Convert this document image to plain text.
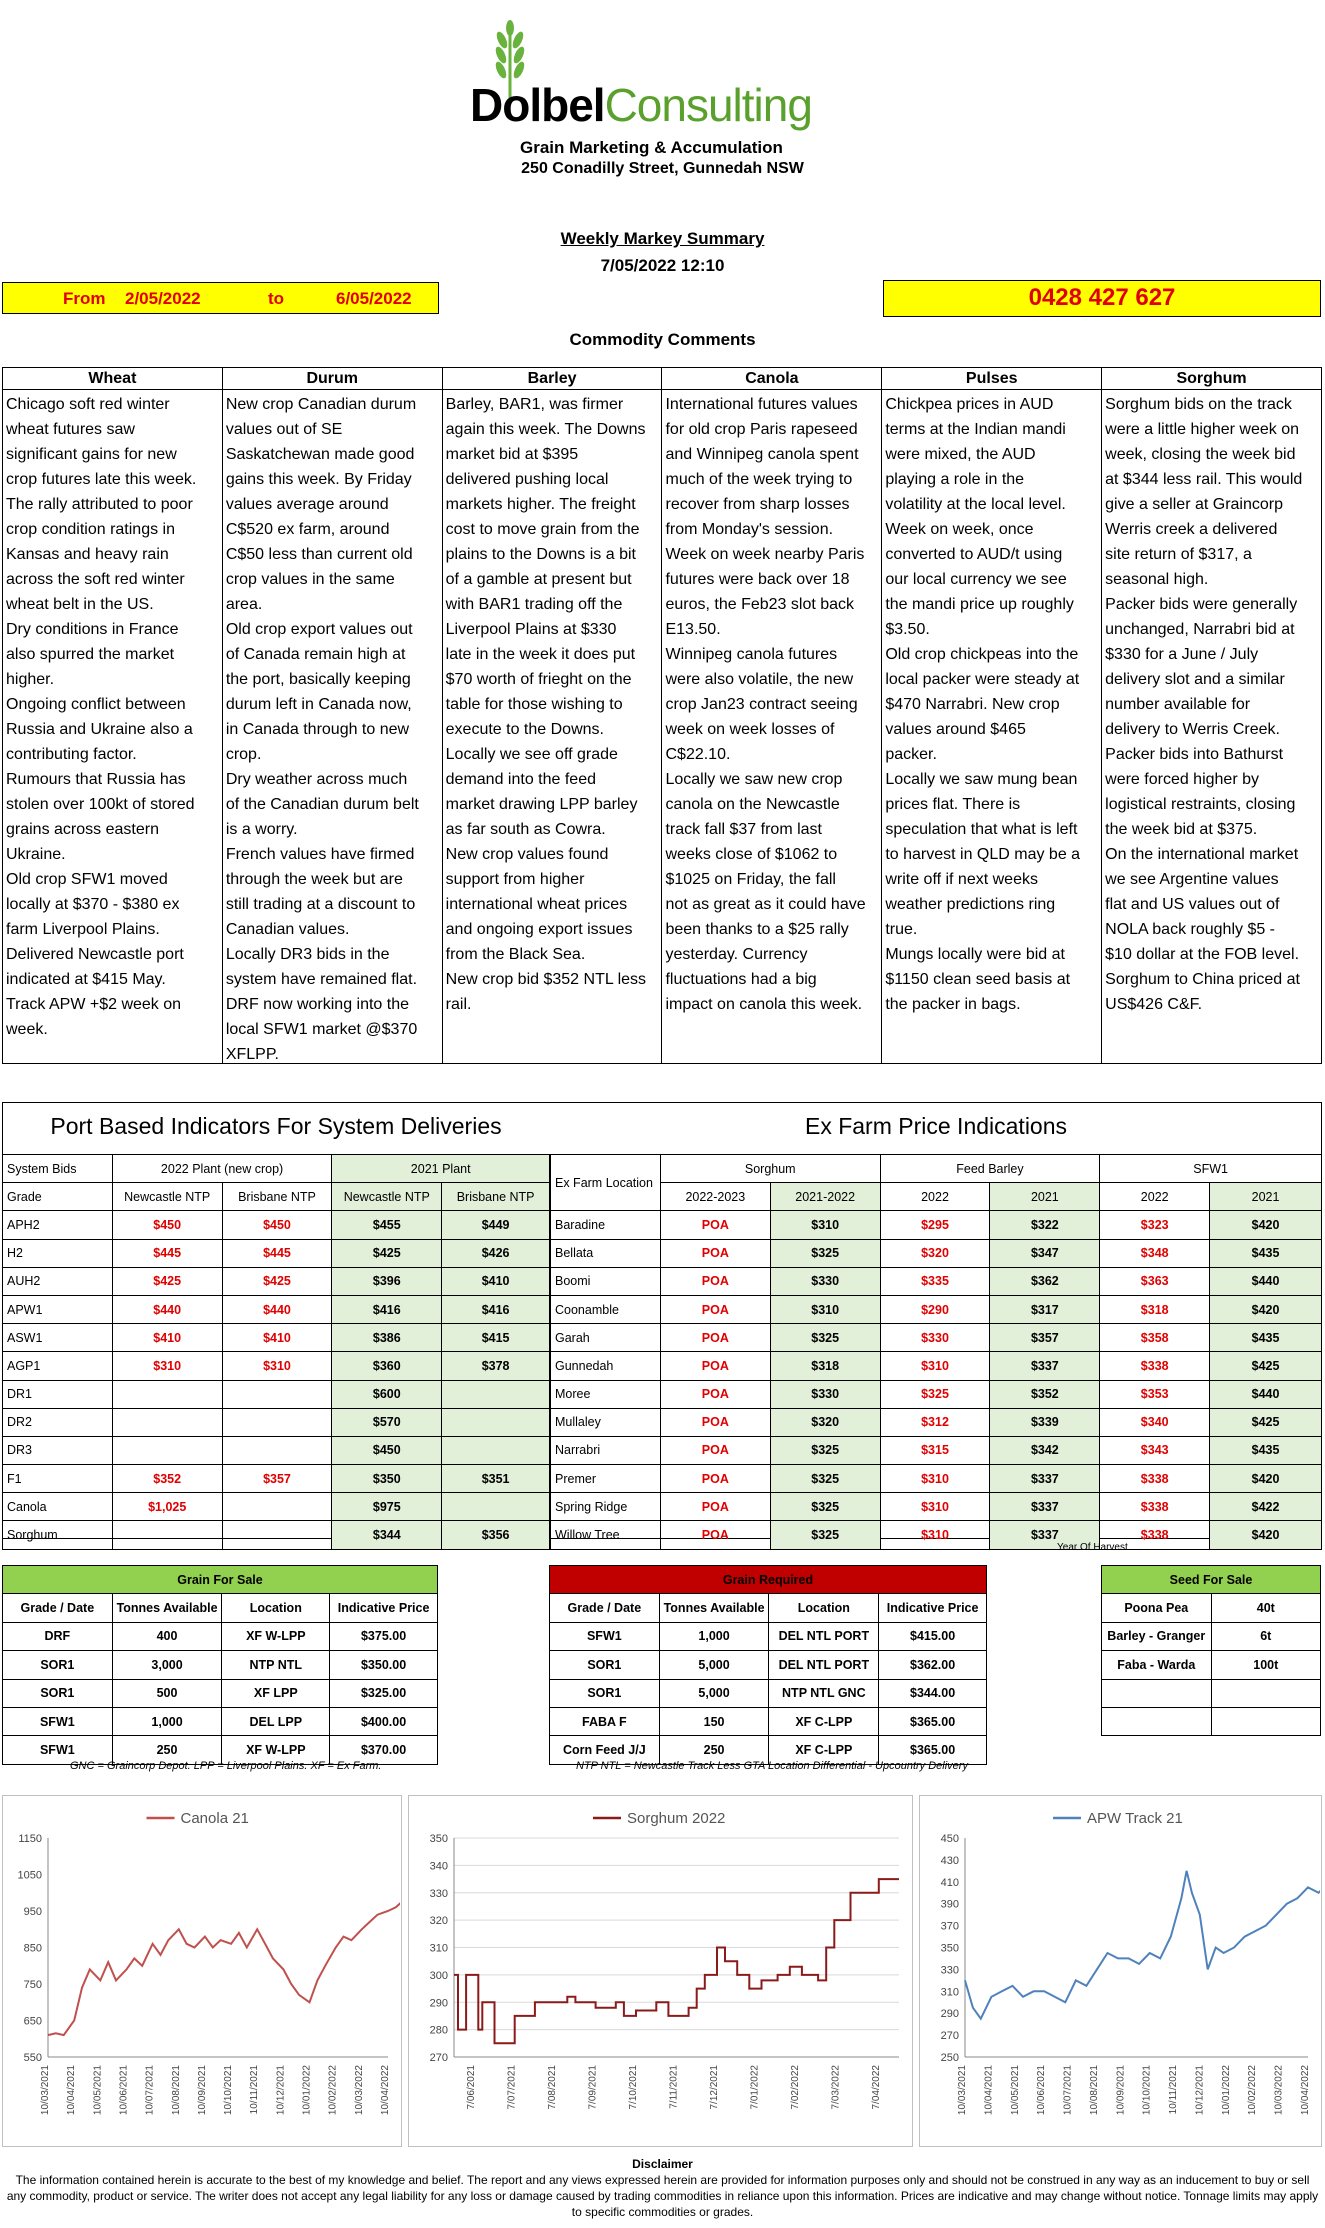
DolbelConsulting
Grain Marketing & Accumulation
250 Conadilly Street, Gunnedah NSW
Weekly Markey Summary
7/05/2022 12:10
From 2/05/2022	to	6/05/2022	0428 427 627
Commodity Comments
Wheat
Chicago soft red winter
wheat futures saw
significant gains for new
crop futures late this week.
The rally attributed to poor
crop condition ratings in
Kansas and heavy rain
across the soft red winter
wheat belt in the US.
Dry conditions in France
also spurred the market
higher.
Ongoing conflict between
Russia and Ukraine also a
contributing factor.
Rumours that Russia has
stolen over 100kt of stored
grains across eastern
Ukraine.
Old crop SFW1 moved
locally at $370 - $380 ex
farm Liverpool Plains.
Delivered Newcastle port
indicated at $415 May.
Track APW +$2 week on
week.
Durum
New crop Canadian durum
values out of SE
Saskatchewan made good
gains this week. By Friday
values average around
C$520 ex farm, around
C$50 less than current old
crop values in the same
area.
Old crop export values out
of Canada remain high at
the port, basically keeping
durum left in Canada now,
in Canada through to new
crop.
Dry weather across much
of the Canadian durum belt
is a worry.
French values have firmed
through the week but are
still trading at a discount to
Canadian values.
Locally DR3 bids in the
system have remained flat.
DRF now working into the
local SFW1 market @$370
XFLPP.
Barley
Barley, BAR1, was firmer
again this week. The Downs
market bid at $395
delivered pushing local
markets higher. The freight
cost to move grain from the
plains to the Downs is a bit
of a gamble at present but
with BAR1 trading off the
Liverpool Plains at $330
late in the week it does put
$70 worth of frieght on the
table for those wishing to
execute to the Downs.
Locally we see off grade
demand into the feed
market drawing LPP barley
as far south as Cowra.
New crop values found
support from higher
international wheat prices
and ongoing export issues
from the Black Sea.
New crop bid $352 NTL less
rail.
Canola
International futures values
for old crop Paris rapeseed
and Winnipeg canola spent
much of the week trying to
recover from sharp losses
from Monday's session.
Week on week nearby Paris
futures were back over 18
euros, the Feb23 slot back
E13.50.
Winnipeg canola futures
were also volatile, the new
crop Jan23 contract seeing
week on week losses of
C$22.10.
Locally we saw new crop
canola on the Newcastle
track fall $37 from last
weeks close of $1062 to
$1025 on Friday, the fall
not as great as it could have
been thanks to a $25 rally
yesterday. Currency
fluctuations had a big
impact on canola this week.
Pulses
Chickpea prices in AUD
terms at the Indian mandi
were mixed, the AUD
playing a role in the
volatility at the local level.
Week on week, once
converted to AUD/t using
our local currency we see
the mandi price up roughly
$3.50.
Old crop chickpeas into the
local packer were steady at
$470 Narrabri. New crop
values around $465
packer.
Locally we saw mung bean
prices flat. There is
speculation that what is left
to harvest in QLD may be a
write off if next weeks
weather predictions ring
true.
Mungs locally were bid at
$1150 clean seed basis at
the packer in bags.
Sorghum
Sorghum bids on the track
were a little higher week on
week, closing the week bid
at $344 less rail. This would
give a seller at Graincorp
Werris creek a delivered
site return of $317, a
seasonal high.
Packer bids were generally
unchanged, Narrabri bid at
$330 for a June / July
delivery slot and a similar
number available for
delivery to Werris Creek.
Packer bids into Bathurst
were forced higher by
logistical restraints, closing
the week bid at $375.
On the international market
we see Argentine values
flat and US values out of
NOLA back roughly $5 -
$10 dollar at the FOB level.
Sorghum to China priced at
US$426 C&F.
Port Based Indicators For System Deliveries	Ex Farm Price Indications
System Bids	2022 Plant (new crop)		2021 Plant	
Grade	Newcastle NTP	Brisbane NTP	Newcastle NTP	Brisbane NTP
APH2	$450	$450	$455	$449
H2	$445	$445	$425	$426
AUH2	$425	$425	$396	$410
APW1	$440	$440	$416	$416
ASW1	$410	$410	$386	$415
AGP1	$310	$310	$360	$378
DR1			$600	
DR2			$570	
DR3			$450	
F1	$352	$357	$350	$351
Canola	$1,025		$975	
Sorghum			$344	$356
Ex Farm Location	Sorghum		Feed Barley		SFW1	
	2022-2023	2021-2022	2022	2021	2022	2021
Baradine	POA	$310	$295	$322	$323	$420
Bellata	POA	$325	$320	$347	$348	$435
Boomi	POA	$330	$335	$362	$363	$440
Coonamble	POA	$310	$290	$317	$318	$420
Garah	POA	$325	$330	$357	$358	$435
Gunnedah	POA	$318	$310	$337	$338	$425
Moree	POA	$330	$325	$352	$353	$440
Mullaley	POA	$320	$312	$339	$340	$425
Narrabri	POA	$325	$315	$342	$343	$435
Premer	POA	$325	$310	$337	$338	$420
Spring Ridge	POA	$325	$310	$337	$338	$422
Willow Tree	POA	$325	$310	$337	$338	$420
Year Of Harvest
Grain For Sale			
Grade / Date	Tonnes Available	Location	Indicative Price
DRF	400	XF W-LPP	$375.00
SOR1	3,000	NTP NTL	$350.00
SOR1	500	XF LPP	$325.00
SFW1	1,000	DEL LPP	$400.00
SFW1	250	XF W-LPP	$370.00
GNC = Graincorp Depot. LPP = Liverpool Plains. XF = Ex Farm.
Grain Required			
Grade / Date	Tonnes Available	Location	Indicative Price
SFW1	1,000	DEL NTL PORT	$415.00
SOR1	5,000	DEL NTL PORT	$362.00
SOR1	5,000	NTP NTL GNC	$344.00
FABA F	150	XF C-LPP	$365.00
Corn Feed J/J	250	XF C-LPP	$365.00
NTP NTL = Newcastle Track Less GTA Location Differential - Upcountry Delivery
Seed For Sale	
Poona Pea	40t
Barley - Granger	6t
Faba - Warda	100t

Canola 21
550
650
750
850
950
1050
1150
10/03/2021 10/04/2021 10/05/2021 10/06/2021 10/07/2021 10/08/2021 10/09/2021 10/10/2021 10/11/2021 10/12/2021 10/01/2022 10/02/2022 10/03/2022 10/04/2022
Sorghum 2022
270
280
290
300
310
320
330
340
350
7/06/2021	7/07/2021	7/08/2021	7/09/2021	7/10/2021	7/11/2021	7/12/2021	7/01/2022	7/02/2022	7/03/2022	7/04/2022
APW Track 21
250
270
290
310
330
350
370
390
410
430
450
10/03/2021 10/04/2021 10/05/2021 10/06/2021 10/07/2021 10/08/2021 10/09/2021 10/10/2021 10/11/2021 10/12/2021 10/01/2022 10/02/2022 10/03/2022 10/04/2022
Disclaimer
The information contained herein is accurate to the best of my knowledge and belief. The report and any views expressed herein are provided for information purposes only and should not be construed in any way as an inducement to buy or sell any commodity, product or service. The writer does not accept any legal liability for any loss or damage caused by trading commodities in reliance upon this information. Prices are indicative and may change without notice. Tonnage limits may apply to specific commodities or grades.
